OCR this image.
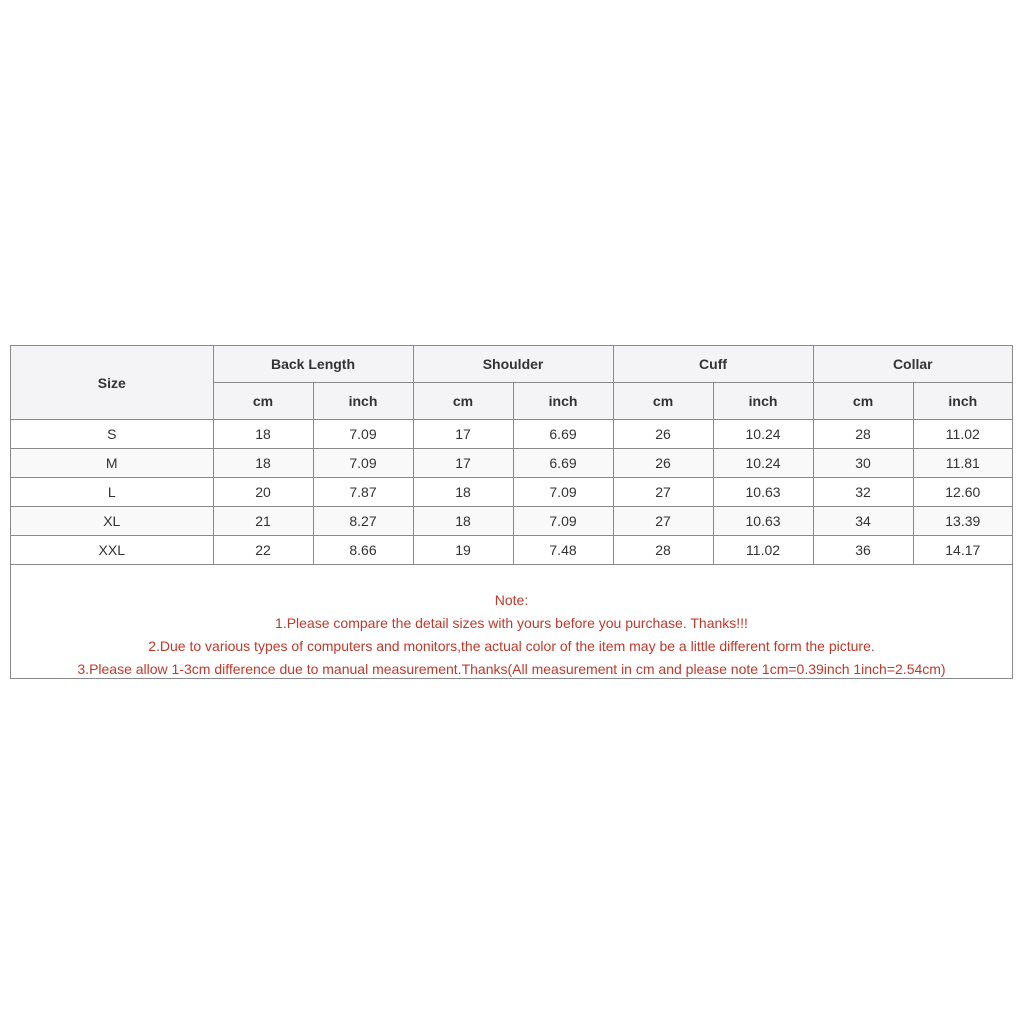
Size	Back Length		Shoulder		Cuff		Collar	
	cm	inch	cm	inch	cm	inch	cm	inch
S	18	7.09	17	6.69	26	10.24	28	11.02
M	18	7.09	17	6.69	26	10.24	30	11.81
L	20	7.87	18	7.09	27	10.63	32	12.60
XL	21	8.27	18	7.09	27	10.63	34	13.39
XXL	22	8.66	19	7.48	28	11.02	36	14.17
Note:
1.Please compare the detail sizes with yours before you purchase. Thanks!!!
2.Due to various types of computers and monitors,the actual color of the item may be a little different form the picture.
3.Please allow 1-3cm difference due to manual measurement.Thanks(All measurement in cm and please note 1cm=0.39inch 1inch=2.54cm)
